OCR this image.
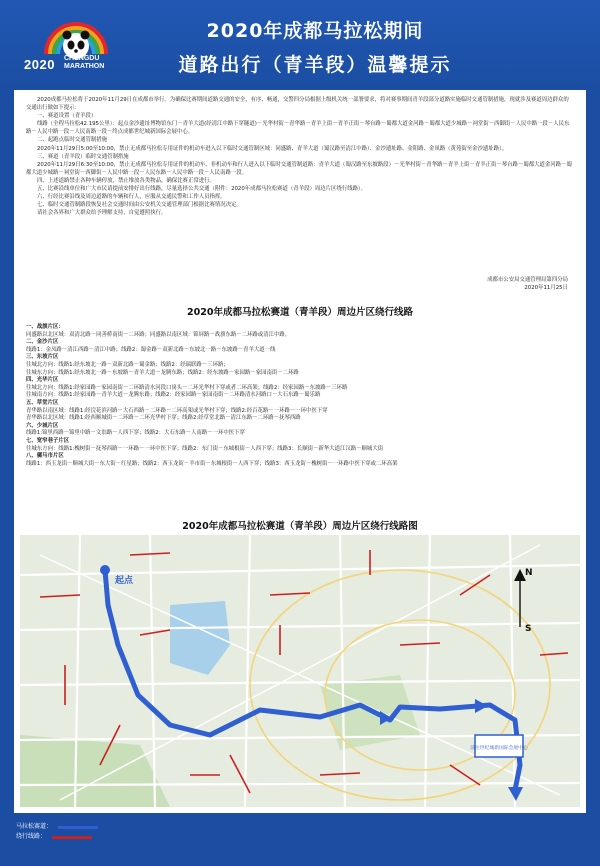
2020 CHENGDU
MARATHON
2020年成都马拉松期间
道路出行（青羊段）温馨提示

2020成都马拉松将于2020年11月29日在成都市举行。为确保比赛期间道路交通的安全、有序、畅通，交警四分局根据上级机关统一部署要求，将对赛事期间青羊段部分道路实施临时交通管制措施，现就涉及赛道周边群众的交通出行做如下提示：

一、赛道设置（青羊段）

线路（全程马拉松42.195公里）：起点金沙遗址博物馆东门－青羊大道(经清江中路下穿隧道)－光华村街－青华路－青羊上街－青羊正街－琴台路－蜀都大道金河路－蜀都大道少城路－祠堂街－西御街－人民中路一段－人民东路－人民中路一段－人民南路一段－终点成都世纪城新国际会展中心。

二、起跑点临时交通管制措施

2020年11月29日5:00至10:00，禁止无成都马拉松专用证件的机动车进入以下临时交通管制区域：同盛路、青羊大道（蜀汉路至清江中路）、金沙遗址路、金阳路、金凤路（黄苑街至金沙遗址路）。

三、赛道（青羊段）临时交通管制措施

2020年11月29日6:30至10:00，禁止无成都马拉松专用证件的机动车、非机动车和行人进入以下临时交通管制道路：青羊大道（蜀汉路至东坡路段）－光华村街－青华路－青羊上街－青羊正街－琴台路－蜀都大道金河路－蜀都大道少城路－祠堂街－西御街－人民中路一段－人民东路－人民中路一段－人民南路一段。

四、上述道路禁止各种车辆停放，禁止堆放各类物品，确保比赛正常进行。

五、比赛沿线单位和广大市民请提前安排好出行线路，尽量选择公共交通（附件：2020年成都马拉松赛道（青羊段）周边片区绕行线路）。

六、行经比赛沿线及周边道路的车辆和行人，应服从交通民警和工作人员指挥。

七、临时交通管制路段恢复社会交通时间由公安机关交通管理部门根据比赛情况决定。

请社会各界和广大群众给予理解支持，自觉遵照执行。

成都市公安局交通管理局第四分局
2020年11月25日
2020年成都马拉松赛道（青羊段）周边片区绕行线路

一、战旗片区：

同盛路以北区域：双清北路－同善桥南街－二环路；同盛路以南区域：锦屏路－战旗东路－二环路或清江中路。

二、金沙片区

线路1：金凤路－清江西路－清江中路；线路2：蜀金路－双新北路－东坡北一路－东坡路－青羊大道一线

三、东坡片区

往城北方向：线路1:经东坡北一路－双新北路－蜀金路；线路2：经瑞联路－三环路；

往城东方向：线路1:经东坡北一路－东坡路－青羊大道－龙腾东路；线路2：经东坡路－家园路－家园南街－二环路

四、光华片区

往城北方向：线路1:经家园路－家园南街－二环路清水河段口岗头－二环光华村下穿或者二环高架；线路2：经家园路－东坡路－三环路

往城南方向：线路1:经家园路－青羊大道－龙腾东路；线路2：经家园路－家园南街－二环路清水河路口－大石东路－蜀乐路

五、草堂片区

青华路以南区域：线路1:经浣花滨河路－大石西路－二环路－二环高架或光华村下穿；线路2:经百花路－一环路－一环中医下穿

青华路以北区域：线路1:经西顺城街－二环路－二环光华村下穿；线路2:经草堂北路－清江东路－二环路－抚琴西路

六、少城片区

线路1:锦里西路－锦里中路－文翁路－人西下穿；线路2：大石东路－人南路－一环中医下穿

七、宽窄巷子片区

往城东方向：线路1:槐树街－抚琴西路－一环路－一环中医下穿；线路2：东门街－东城根街－人西下穿；线路3：长顺街－新华大道江汉路－顺城大街

八、骡马市片区

线路1：西玉龙街－顺城大街－东大街－红星路；线路2：西玉龙街－羊市街－东城根街－人西下穿；线路3：西玉龙街－槐树街－一环路中医下穿或二环高架

2020年成都马拉松赛道（青羊段）周边片区绕行线路图
前往世纪城新国际会展中心
起点
N
S
马拉松赛道：
绕行线路：
